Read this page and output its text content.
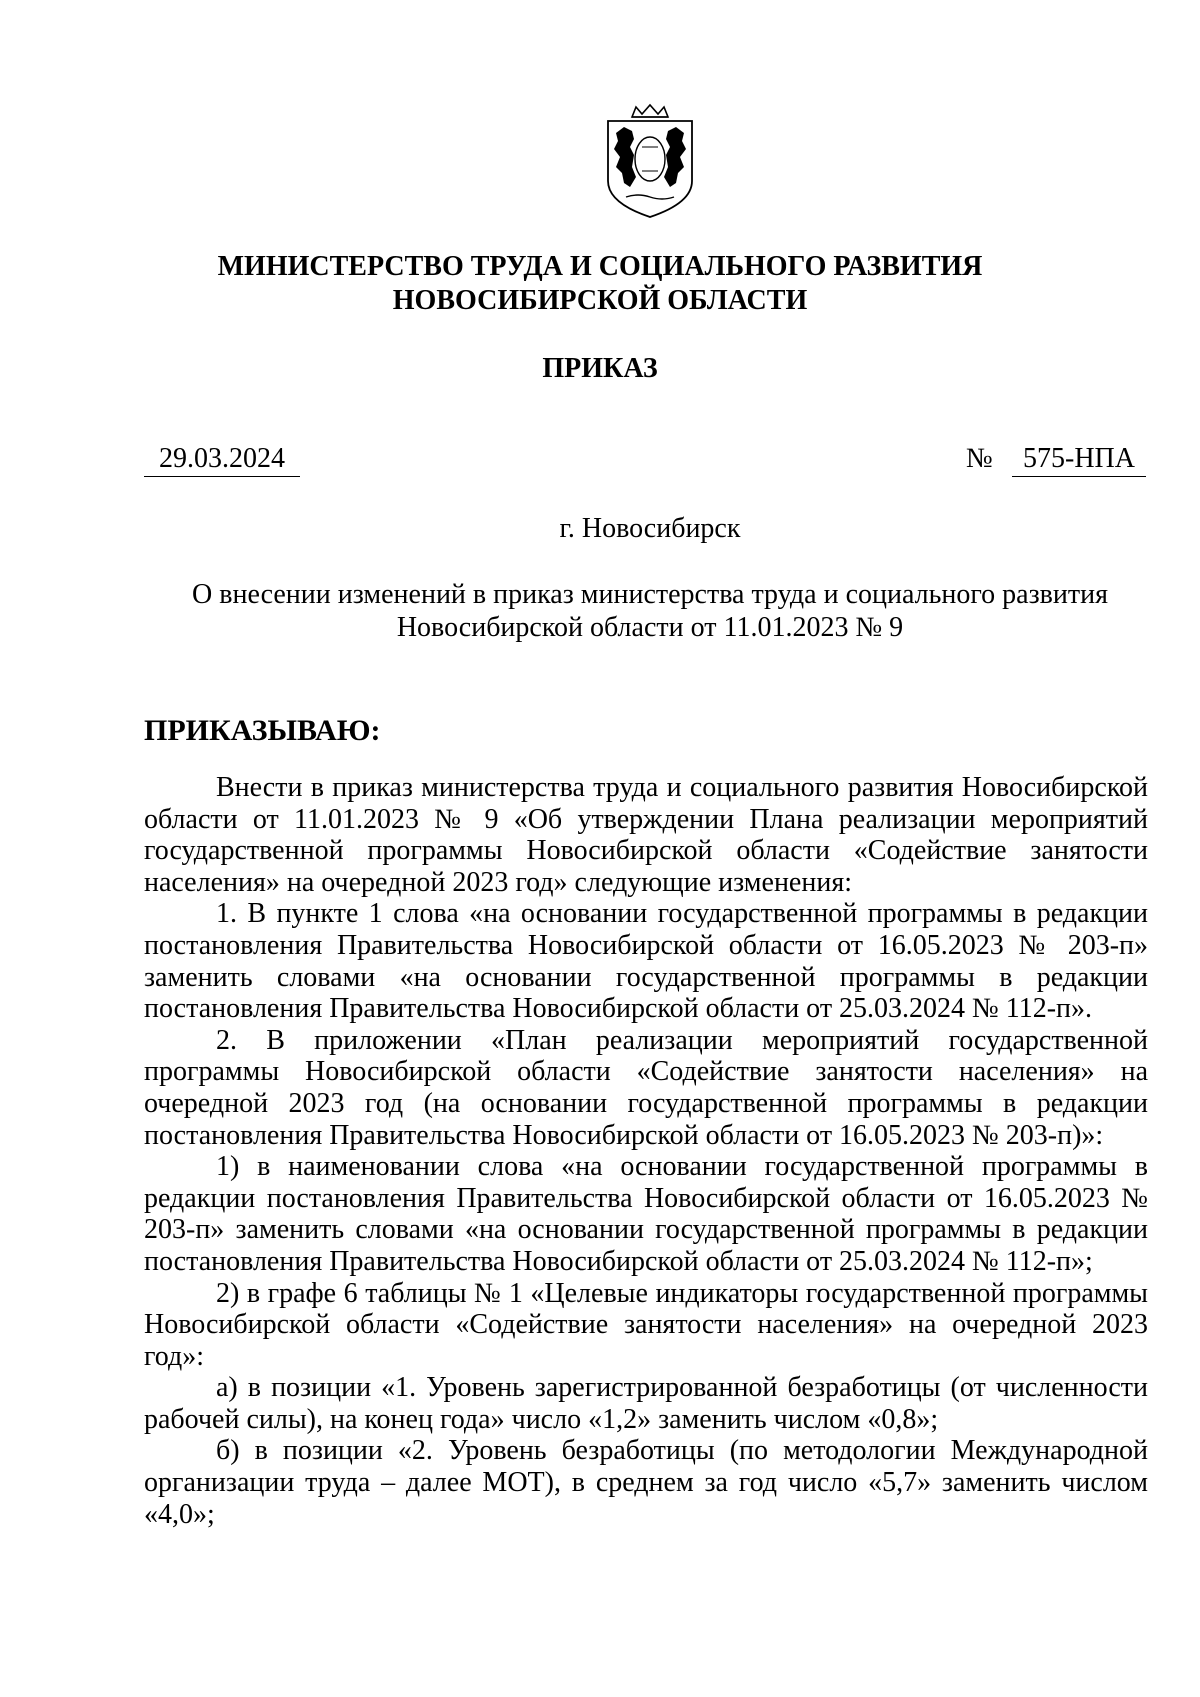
МИНИСТЕРСТВО ТРУДА И СОЦИАЛЬНОГО РАЗВИТИЯ
НОВОСИБИРСКОЙ ОБЛАСТИ
ПРИКАЗ
29.03.2024	№	575-НПА
г. Новосибирск
О внесении изменений в приказ министерства труда и социального развития
Новосибирской области от 11.01.2023 № 9
ПРИКАЗЫВАЮ:

Внести в приказ министерства труда и социального развития Новосибирской области от 11.01.2023 № 9 «Об утверждении Плана реализации мероприятий государственной программы Новосибирской области «Содействие занятости населения» на очередной 2023 год» следующие изменения:

1. В пункте 1 слова «на основании государственной программы в редакции постановления Правительства Новосибирской области от 16.05.2023 № 203-п» заменить словами «на основании государственной программы в редакции постановления Правительства Новосибирской области от 25.03.2024 № 112-п».

2. В приложении «План реализации мероприятий государственной программы Новосибирской области «Содействие занятости населения» на очередной 2023 год (на основании государственной программы в редакции постановления Правительства Новосибирской области от 16.05.2023 № 203-п)»:

1) в наименовании слова «на основании государственной программы в редакции постановления Правительства Новосибирской области от 16.05.2023 № 203-п» заменить словами «на основании государственной программы в редакции постановления Правительства Новосибирской области от 25.03.2024 № 112-п»;

2) в графе 6 таблицы № 1 «Целевые индикаторы государственной программы Новосибирской области «Содействие занятости населения» на очередной 2023 год»:

а) в позиции «1. Уровень зарегистрированной безработицы (от численности рабочей силы), на конец года» число «1,2» заменить числом «0,8»;

б) в позиции «2. Уровень безработицы (по методологии Международной организации труда – далее МОТ), в среднем за год число «5,7» заменить числом «4,0»;
